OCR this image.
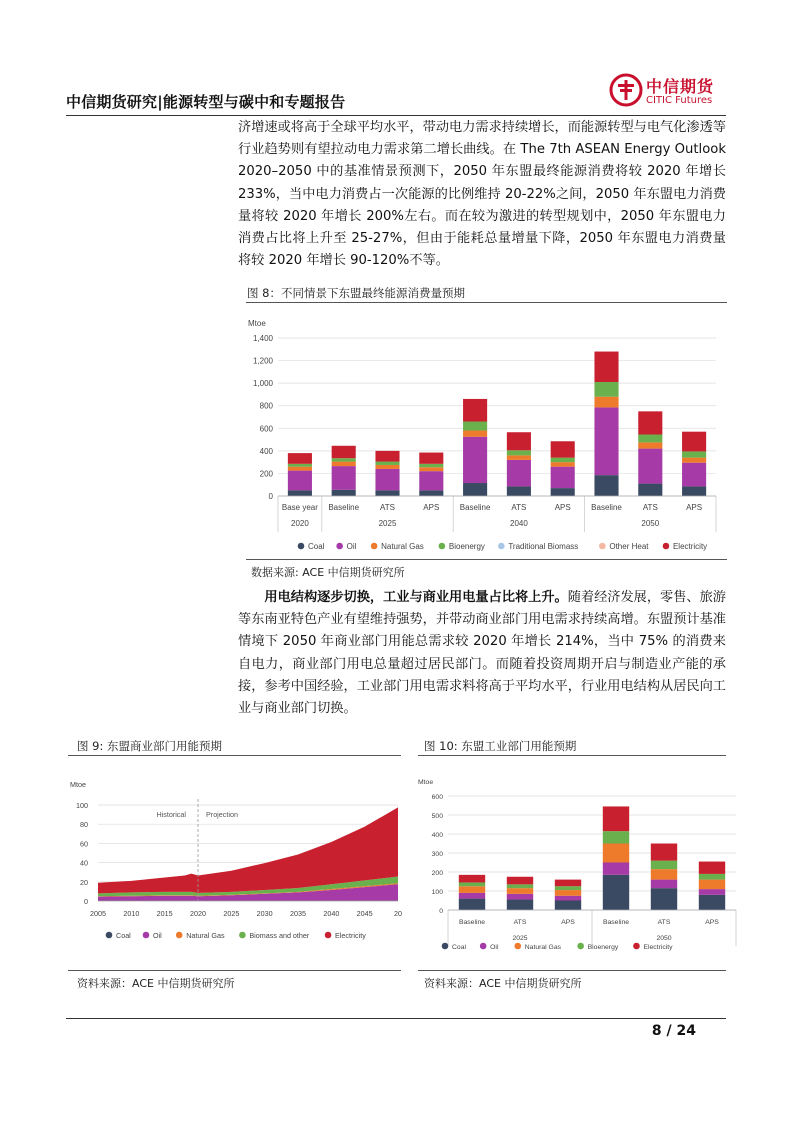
中信期货研究|能源转型与碳中和专题报告
中信期货
CITIC Futures

济增速或将高于全球平均水平，带动电力需求持续增长，而能源转型与电气化渗透等行业趋势则有望拉动电力需求第二增长曲线。在 The 7th ASEAN Energy Outlook 2020–2050 中的基准情景预测下，2050 年东盟最终能源消费将较 2020 年增长 233%，当中电力消费占一次能源的比例维持 20-22%之间，2050 年东盟电力消费量将较 2020 年增长 200%左右。而在较为激进的转型规划中，2050 年东盟电力消费占比将上升至 25-27%，但由于能耗总量增量下降，2050 年东盟电力消费量将较 2020 年增长 90-120%不等。

图 8：不同情景下东盟最终能源消费量预期
Mtoe
0
200
400
600
800
1,000
1,200
1,400
Base year Baseline	ATS	APS	Baseline	ATS	APS	Baseline	ATS	APS
2020	2025	2040	2050
Coal	Oil	Natural Gas	Bioenergy	Traditional Biomass	Other Heat	Electricity
数据来源: ACE 中信期货研究所

用电结构逐步切换，工业与商业用电量占比将上升。随着经济发展，零售、旅游等东南亚特色产业有望维持强势，并带动商业部门用电需求持续高增。东盟预计基准情境下 2050 年商业部门用能总需求较 2020 年增长 214%，当中 75% 的消费来自电力，商业部门用电总量超过居民部门。而随着投资周期开启与制造业产能的承接，参考中国经验，工业部门用电需求料将高于平均水平，行业用电结构从居民向工业与商业部门切换。

图 9: 东盟商业部门用能预期	图 10: 东盟工业部门用能预期
Mtoe
0
20
40
60
80
100
Historical	Projection
2005 2010 2015 2020 2025 2030 2035 2040 2045	20
Coal	Oil	Natural Gas	Biomass and other	Electricity
Mtoe
0
100
200
300
400
500
600
Baseline	ATS	APS	Baseline	ATS	APS
2025	2050
Coal	Oil	Natural Gas	Bioenergy	Electricity
资料来源：ACE 中信期货研究所	资料来源：ACE 中信期货研究所
8 / 24
